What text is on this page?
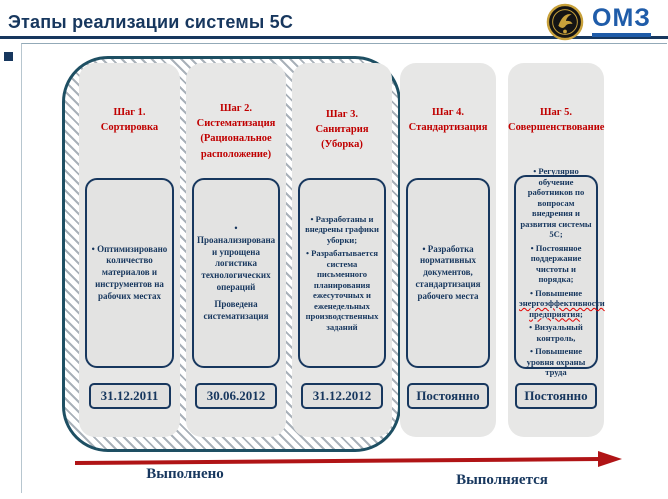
Этапы реализации системы 5С	ОМЗ
Шаг 1.
Сортировка

• Оптимизировано количество материалов и инструментов на рабочих местах

31.12.2011
Шаг 2.
Систематизация
(Рациональное расположение)

• Проанализирована и упрощена логистика технологических операций

Проведена систематизация

30.06.2012
Шаг 3.
Санитария
(Уборка)

• Разработаны и внедрены графики уборки;

• Разрабатывается система письменного планирования ежесуточных и еженедельных производственных заданий

31.12.2012
Шаг 4.
Стандартизация

• Разработка нормативных документов, стандартизация рабочего места

Постоянно
Шаг 5.
Совершенствование

• Регулярно обучение работников по вопросам внедрения и развития системы 5С;

• Постоянное поддержание чистоты и порядка;

• Повышение энергоэффективности предприятия;

• Визуальный контроль,

• Повышение уровня охраны труда

Постоянно
Выполнено	Выполняется
